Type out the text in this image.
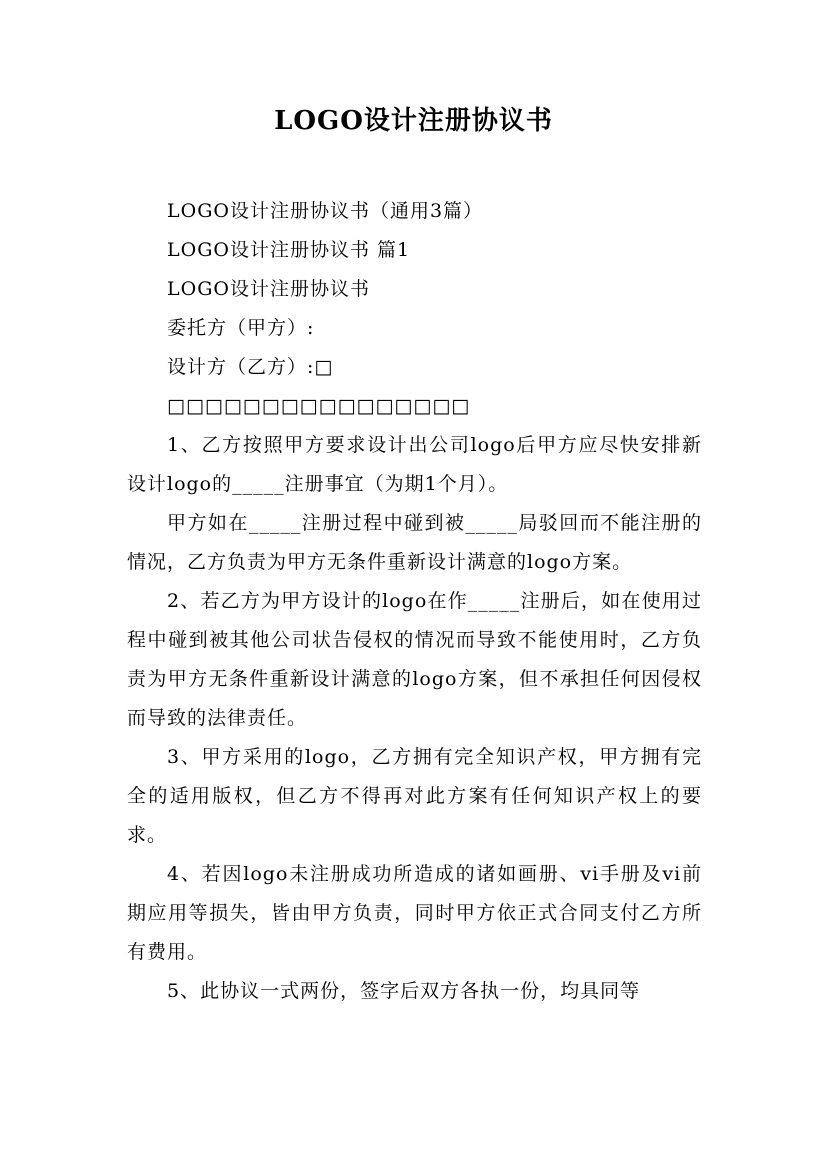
LOGO设计注册协议书

LOGO设计注册协议书（通用3篇）

LOGO设计注册协议书 篇1

LOGO设计注册协议书

委托方（甲方）:

设计方（乙方）:□

□□□□□□□□□□□□□□□□

1、乙方按照甲方要求设计出公司logo后甲方应尽快安排新设计logo的_____注册事宜（为期1个月）。

甲方如在_____注册过程中碰到被_____局驳回而不能注册的情况，乙方负责为甲方无条件重新设计满意的logo方案。

2、若乙方为甲方设计的logo在作_____注册后，如在使用过程中碰到被其他公司状告侵权的情况而导致不能使用时，乙方负责为甲方无条件重新设计满意的logo方案，但不承担任何因侵权而导致的法律责任。

3、甲方采用的logo，乙方拥有完全知识产权，甲方拥有完全的适用版权，但乙方不得再对此方案有任何知识产权上的要求。

4、若因logo未注册成功所造成的诸如画册、vi手册及vi前期应用等损失，皆由甲方负责，同时甲方依正式合同支付乙方所有费用。

5、此协议一式两份，签字后双方各执一份，均具同等
